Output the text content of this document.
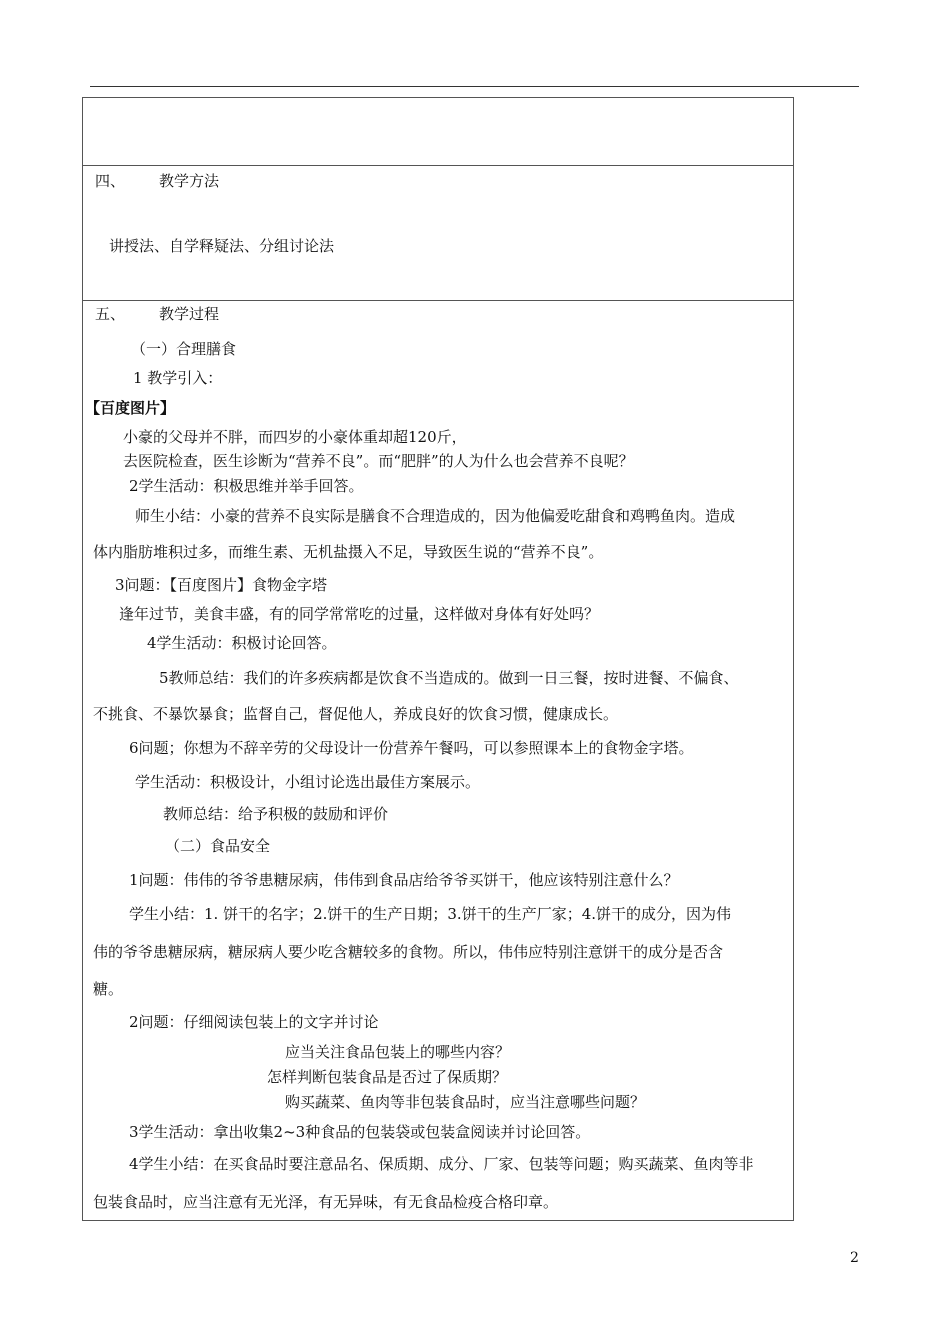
四、 教学方法
讲授法、自学释疑法、分组讨论法
五、 教学过程
（一）合理膳食
1 教学引入：
【百度图片】
小豪的父母并不胖，而四岁的小豪体重却超120斤，
去医院检查，医生诊断为“营养不良”。而“肥胖”的人为什么也会营养不良呢？
2学生活动：积极思维并举手回答。
师生小结：小豪的营养不良实际是膳食不合理造成的，因为他偏爱吃甜食和鸡鸭鱼肉。造成
体内脂肪堆积过多，而维生素、无机盐摄入不足，导致医生说的“营养不良”。
3问题：【百度图片】食物金字塔
逢年过节，美食丰盛，有的同学常常吃的过量，这样做对身体有好处吗？
4学生活动：积极讨论回答。
5教师总结：我们的许多疾病都是饮食不当造成的。做到一日三餐，按时进餐、不偏食、
不挑食、不暴饮暴食；监督自己，督促他人，养成良好的饮食习惯，健康成长。
6问题；你想为不辞辛劳的父母设计一份营养午餐吗，可以参照课本上的食物金字塔。
学生活动：积极设计，小组讨论选出最佳方案展示。
教师总结：给予积极的鼓励和评价
（二）食品安全
1问题：伟伟的爷爷患糖尿病，伟伟到食品店给爷爷买饼干，他应该特别注意什么？
学生小结：1. 饼干的名字；2.饼干的生产日期；3.饼干的生产厂家；4.饼干的成分，因为伟
伟的爷爷患糖尿病，糖尿病人要少吃含糖较多的食物。所以，伟伟应特别注意饼干的成分是否含
糖。
2问题：仔细阅读包装上的文字并讨论
应当关注食品包装上的哪些内容？
怎样判断包装食品是否过了保质期？
购买蔬菜、鱼肉等非包装食品时，应当注意哪些问题？
3学生活动：拿出收集2~3种食品的包装袋或包装盒阅读并讨论回答。
4学生小结：在买食品时要注意品名、保质期、成分、厂家、包装等问题；购买蔬菜、鱼肉等非
包装食品时，应当注意有无光泽，有无异味，有无食品检疫合格印章。
2
